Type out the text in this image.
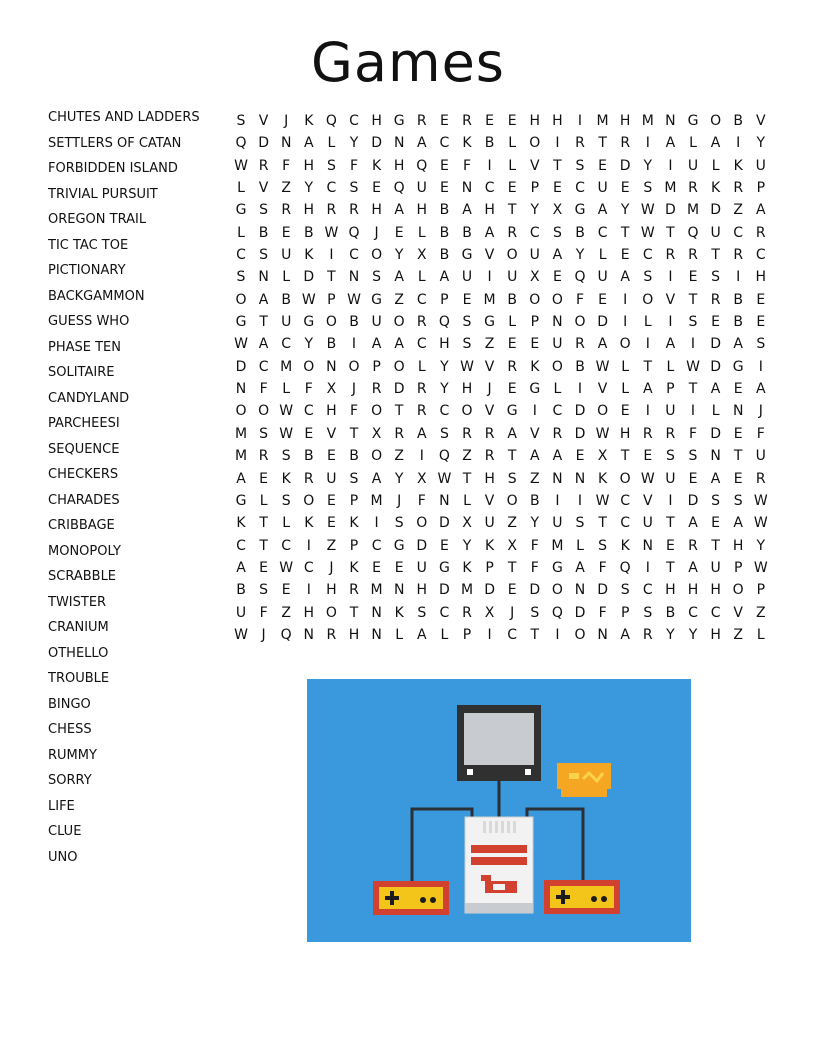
Games
CHUTES AND LADDERS
SETTLERS OF CATAN
FORBIDDEN ISLAND
TRIVIAL PURSUIT
OREGON TRAIL
TIC TAC TOE
PICTIONARY
BACKGAMMON
GUESS WHO
PHASE TEN
SOLITAIRE
CANDYLAND
PARCHEESI
SEQUENCE
CHECKERS
CHARADES
CRIBBAGE
MONOPOLY
SCRABBLE
TWISTER
CRANIUM
OTHELLO
TROUBLE
BINGO
CHESS
RUMMY
SORRY
LIFE
CLUE
UNO
S V	J	K Q C H G R E R E E H H	I	M H M N G O B V
Q D N A L	Y D N A C K B L O	I	R T R	I	A L A	I	Y
W R F H S	F K H Q E	F	I	L V T S E D Y	I	U L	K U
L V Z Y C S E Q U E N C E P E C U E S M R K R P
G S R H R R H A H B A H T	Y X G A Y W D M D Z A
L B E B W Q	J	E	L B B A R C S B C T W T Q U C R
C S U K	I	C O Y X B G V O U A Y	L	E C R R T R C
S N L D T N S A L A U	I	U X E Q U A S	I	E S	I	H
O A B W P W G Z C P E M B O O F	E	I	O V T R B E
G T U G O B U O R Q S G L	P N O D	I	L	I	S E B E
W A C Y B	I	A A C H S Z E E U R A O	I	A	I	D A S
D C M O N O P O L	Y W V R K O B W L	T	L W D G	I
N F	L	F X	J	R D R Y H	J	E G L	I	V L A P	T A E A
O O W C H F O T R C O V G	I	C D O E	I	U	I	L N	J
M S W E V T X R A S R R A V R D W H R R F D E	F
M R S B E B O Z	I	Q Z R T A A E X T E S S N T U
A E K R U S A Y X W T H S Z N N K O W U E A E R
G L	S O E P M	J	F N L V O B	I	I W C V	I	D S S W
K T	L	K E K	I	S O D X U Z Y U S T C U T A E A W
C T C	I	Z P C G D E Y K X F M L	S K N E R T H Y
A E W C	J	K E E U G K P	T	F G A F Q	I	T A U P W
B S E	I	H R M N H D M D E D O N D S C H H H O P
U F Z H O T N K S C R X	J	S Q D F	P S B C C V Z
W J	Q N R H N L A L	P	I	C T	I	O N A R Y	Y H Z L
